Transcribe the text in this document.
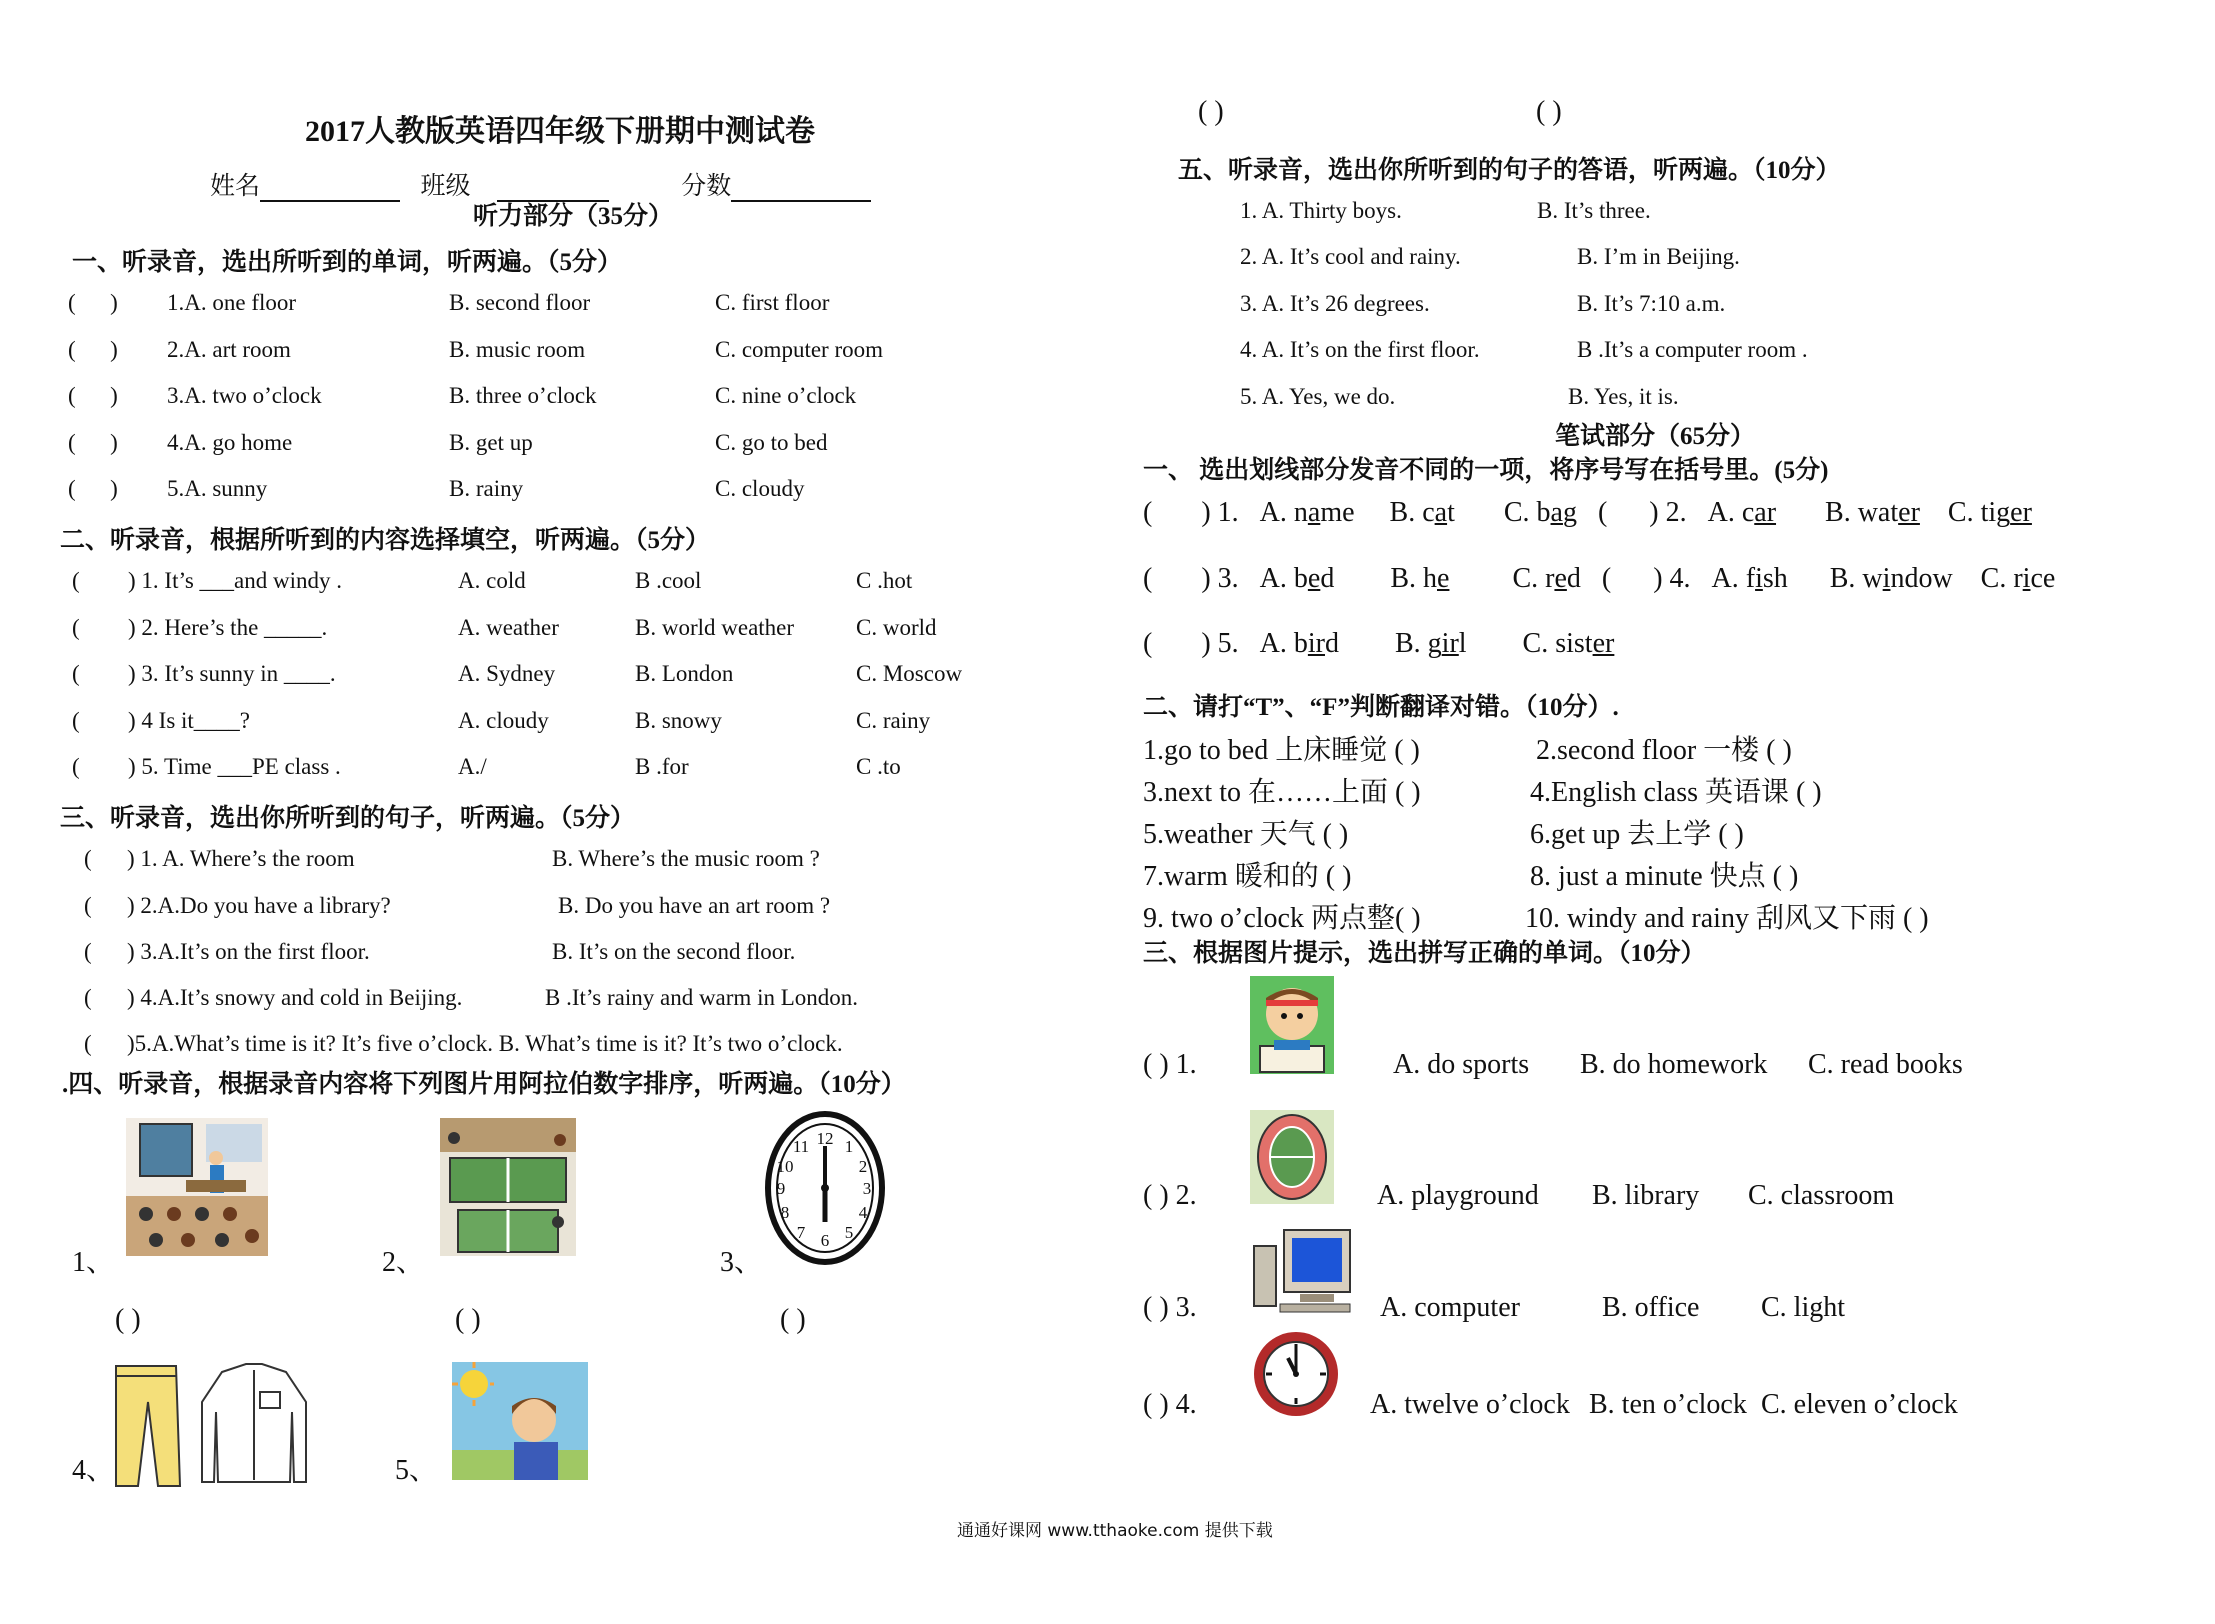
2017人教版英语四年级下册期中测试卷
姓名	班级	分数
听力部分（35分）
一、听录音，选出所听到的单词，听两遍。（5分）
(      ) 1.A. one floor	B. second floor	C. first floor
(      ) 2.A. art room	B. music room	C. computer room
(      ) 3.A. two o’clock	B. three o’clock	C. nine o’clock
(      ) 4.A. go home	B. get up	C. go to bed
(      ) 5.A. sunny	B. rainy	C. cloudy
二、听录音，根据所听到的内容选择填空，听两遍。（5分）
( ) 1. It’s ___and windy .	A. cold	B .cool	C .hot
( ) 2. Here’s the _____.	A. weather	B. world weather	C. world
( ) 3. It’s sunny in ____.	A. Sydney	B. London	C. Moscow
( ) 4 Is it____?	A. cloudy	B. snowy	C. rainy
( ) 5. Time ___PE class .	A./	B .for	C .to
三、听录音，选出你所听到的句子，听两遍。（5分）
( ) 1. A. Where’s the room	B. Where’s the music room ?
( ) 2.A.Do you have a library?	B. Do you have an art room ?
( ) 3.A.It’s on the first floor.	B. It’s on the second floor.
( ) 4.A.It’s snowy and cold in Beijing.	B .It’s rainy and warm in London.
( )5.A.What’s time is it? It’s five o’clock. B. What’s time is it? It’s two o’clock.
.四、听录音，根据录音内容将下列图片用阿拉伯数字排序，听两遍。（10分）
1、	2、
12 1
2
3
4
5
6
7
8
9
10
11
3、
( )	( )	( )
4、	5、
( )	( )
五、听录音，选出你所听到的句子的答语，听两遍。（10分）
1. A. Thirty boys.	B. It’s three.
2. A. It’s cool and rainy.	B. I’m in Beijing.
3. A. It’s 26 degrees.	B. It’s 7:10 a.m.
4. A. It’s on the first floor.	B .It’s a computer room .
5. A. Yes, we do.	B. Yes, it is.
笔试部分（65分）
一、 选出划线部分发音不同的一项，将序号写在括号里。(5分)
(       ) 1.   A. name     B. cat       C. bag   (      ) 2.   A. car       B. water    C. tiger
(       ) 3.   A. bed        B. he         C. red   (      ) 4.   A. fish      B. window    C. rice
(       ) 5.   A. bird        B. girl        C. sister
二、请打“T”、“F”判断翻译对错。（10分）.
1.go to bed 上床睡觉 ( )	2.second floor 一楼 ( )
3.next to 在……上面 ( )	4.English class 英语课 ( )
5.weather 天气 ( )	6.get up 去上学 ( )
7.warm 暖和的 ( )	8. just a minute 快点 ( )
9. two o’clock 两点整( )	10. windy and rainy 刮风又下雨 ( )
三、根据图片提示，选出拼写正确的单词。（10分）
( ) 1.	A. do sports B. do homework C. read books
( ) 2.	A. playground B. library C. classroom
( ) 3.	A. computer	B. office C. light
( ) 4.	A. twelve o’clock B. ten o’clock C. eleven o’clock
通通好课网 www.tthaoke.com 提供下载
